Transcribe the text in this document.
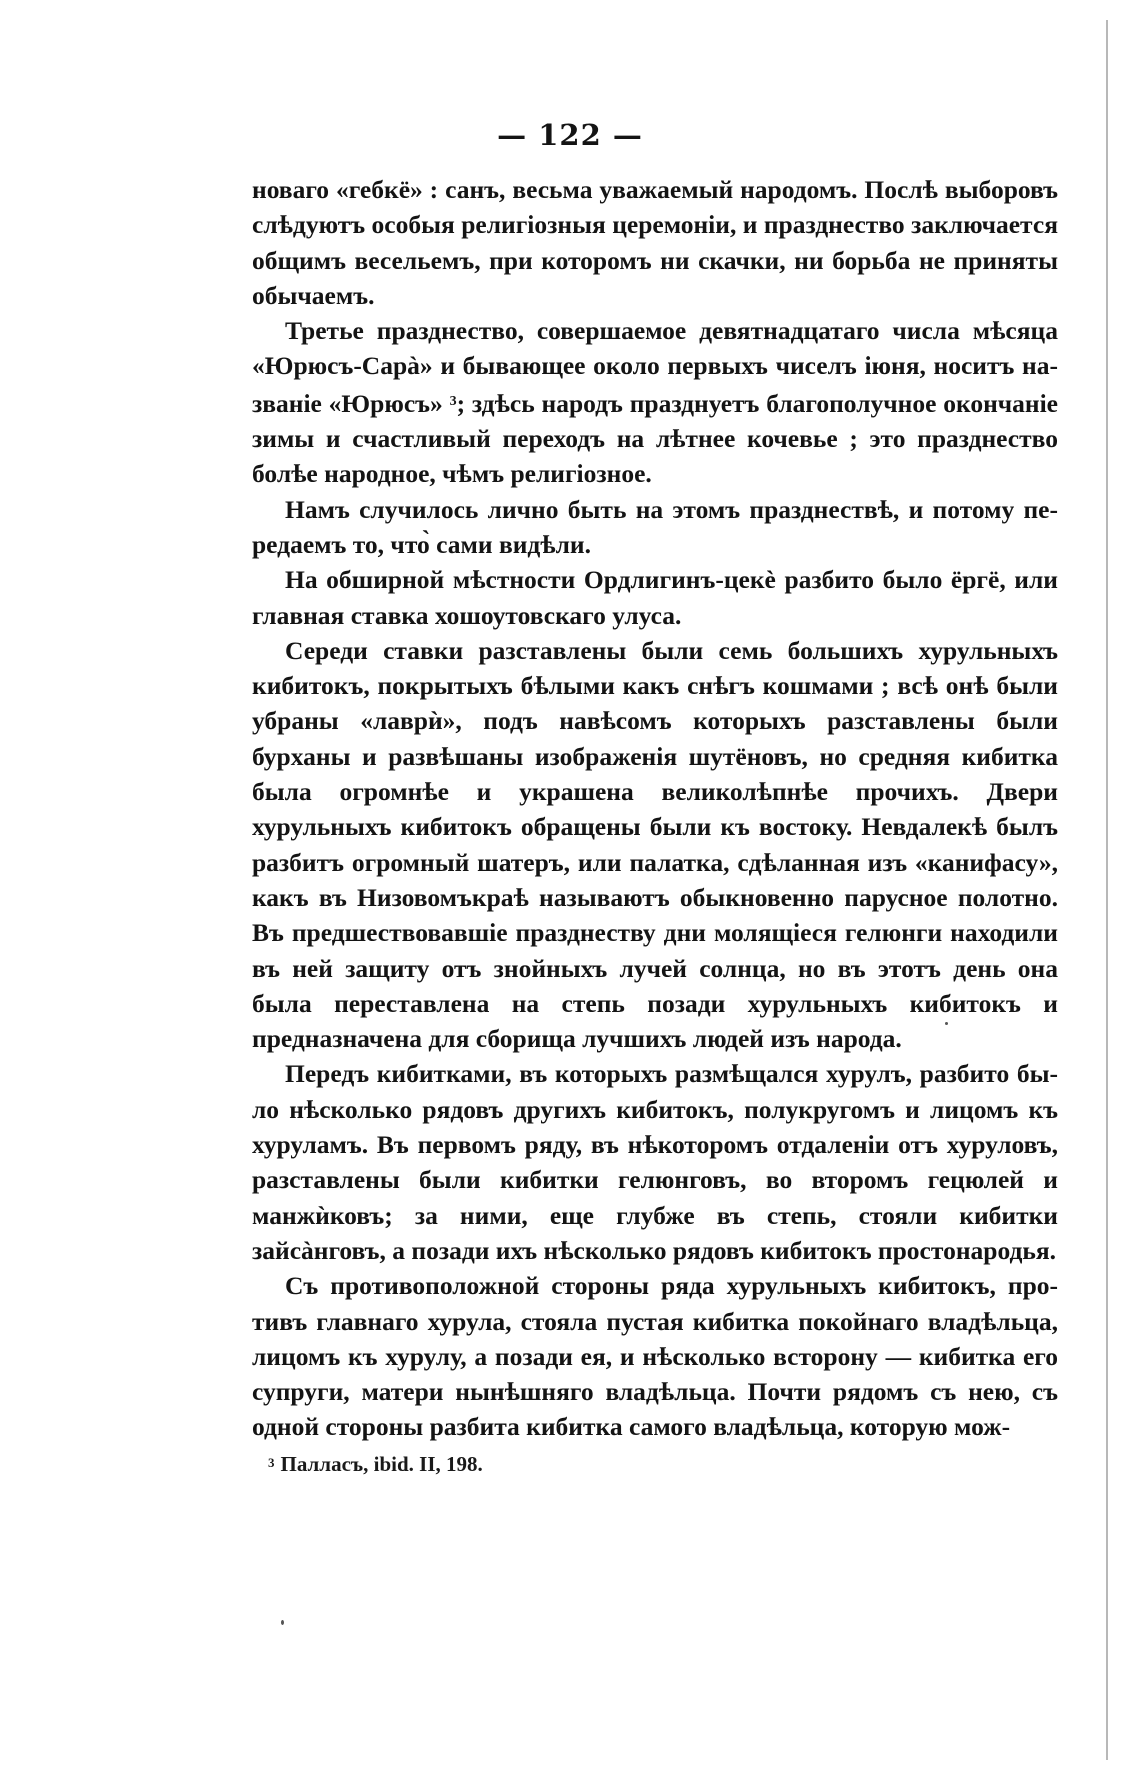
— 122 —

новаго «гебкё» : санъ, весьма уважаемый народомъ. Послѣ выборовъ слѣдуютъ особыя религіозныя церемоніи, и празднество заключается общимъ весельемъ, при которомъ ни скачки, ни борьба не приняты обычаемъ.

Третье празднество, совершаемое девятнадцатаго числа мѣсяца «Юрюсъ-Сарà» и бывающее около первыхъ чиселъ іюня, носитъ названіе «Юрюсъ» $^3$; здѣсь народъ празднуетъ благополучное окончаніе зимы и счастливый переходъ на лѣтнее кочевье ; это празднество болѣе народное, чѣмъ религіозное.

Намъ случилось лично быть на этомъ празднествѣ, и потому передаемъ то, что̀ сами видѣли.

На обширной мѣстности Ордлигинъ-цекè разбито было ёргё, или главная ставка хошоутовскаго улуса.

Середи ставки разставлены были семь большихъ хурульныхъ кибитокъ, покрытыхъ бѣлыми какъ снѣгъ кошмами ; всѣ онѣ были убраны «лаврѝ», подъ навѣсомъ которыхъ разставлены были бурханы и развѣшаны изображенія шутёновъ, но средняя кибитка была огромнѣе и украшена великолѣпнѣе прочихъ. Двери хурульныхъ кибитокъ обращены были къ востоку. Невдалекѣ былъ разбитъ огромный шатеръ, или палатка, сдѣланная изъ «канифасу», какъ въ Низовомъкраѣ называютъ обыкновенно парусное полотно. Въ предшествовавшіе празднеству дни молящіеся гелюнги находили въ ней защиту отъ знойныхъ лучей солнца, но въ этотъ день она была переставлена на степь позади хурульныхъ кибитокъ и предназначена для сборища лучшихъ людей изъ народа.

Передъ кибитками, въ которыхъ размѣщался хурулъ, разбито было нѣсколько рядовъ другихъ кибитокъ, полукругомъ и лицомъ къ хуруламъ. Въ первомъ ряду, въ нѣкоторомъ отдаленіи отъ хуруловъ, разставлены были кибитки гелюнговъ, во второмъ гецюлей и манжѝковъ; за ними, еще глубже въ степь, стояли кибитки зайсàнговъ, а позади ихъ нѣсколько рядовъ кибитокъ простонародья.

Съ противоположной стороны ряда хурульныхъ кибитокъ, противъ главнаго хурула, стояла пустая кибитка покойнаго владѣльца, лицомъ къ хурулу, а позади ея, и нѣсколько всторону — кибитка его супруги, матери нынѣшняго владѣльца. Почти рядомъ съ нею, съ одной стороны разбита кибитка самого владѣльца, которую мож-

3 Палласъ, ibid. II, 198.
